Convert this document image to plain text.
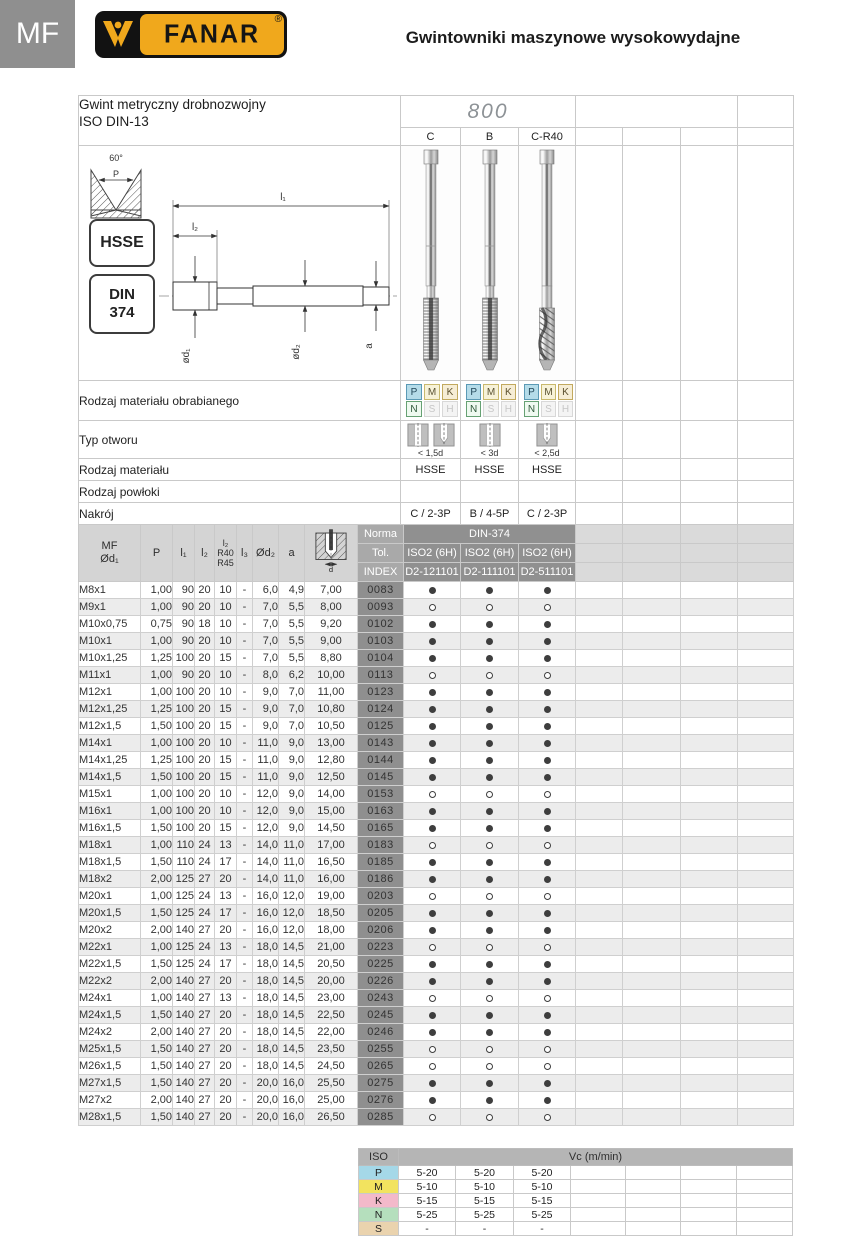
MF	FANAR ®
Gwintowniki maszynowe wysokowydajne
Gwint metryczny drobnozwojny
ISO DIN-13	800						
	C	B	C-R40				

60°
P
HSSE
DIN
374
l₁
l₂
ød₁	ød₂	a

Rodzaj materiału obrabianego	
P	M	K
N	S	H

P M K
N	S	H

P M K
N	S	H

Typ otworu	< 1,5d	< 3d	< 2,5d				

Rodzaj materiału	HSSE	HSSE	HSSE				
Rodzaj powłoki							
Nakrój	C / 2-3P	B / 4-5P	C / 2-3P				
MF
Ød₁
	P	l₁	l₂	
l₂
R40
R45
	l₃	Ød₂	a	
d
	Norma	DIN-374				
									Tol.	ISO2 (6H)	ISO2 (6H)	ISO2 (6H)				
									INDEX	D2-121101	D2-111101	D2-511101				
M8x1	1,00	90	20	10	-	6,0	4,9	7,00	0083							
M9x1	1,00	90	20	10	-	7,0	5,5	8,00	0093							
M10x0,75	0,75	90	18	10	-	7,0	5,5	9,20	0102							
M10x1	1,00	90	20	10	-	7,0	5,5	9,00	0103							
M10x1,25	1,25	100	20	15	-	7,0	5,5	8,80	0104							
M11x1	1,00	90	20	10	-	8,0	6,2	10,00	0113							
M12x1	1,00	100	20	10	-	9,0	7,0	11,00	0123							
M12x1,25	1,25	100	20	15	-	9,0	7,0	10,80	0124							
M12x1,5	1,50	100	20	15	-	9,0	7,0	10,50	0125							
M14x1	1,00	100	20	10	-	11,0	9,0	13,00	0143							
M14x1,25	1,25	100	20	15	-	11,0	9,0	12,80	0144							
M14x1,5	1,50	100	20	15	-	11,0	9,0	12,50	0145							
M15x1	1,00	100	20	10	-	12,0	9,0	14,00	0153							
M16x1	1,00	100	20	10	-	12,0	9,0	15,00	0163							
M16x1,5	1,50	100	20	15	-	12,0	9,0	14,50	0165							
M18x1	1,00	110	24	13	-	14,0	11,0	17,00	0183							
M18x1,5	1,50	110	24	17	-	14,0	11,0	16,50	0185							
M18x2	2,00	125	27	20	-	14,0	11,0	16,00	0186							
M20x1	1,00	125	24	13	-	16,0	12,0	19,00	0203							
M20x1,5	1,50	125	24	17	-	16,0	12,0	18,50	0205							
M20x2	2,00	140	27	20	-	16,0	12,0	18,00	0206							
M22x1	1,00	125	24	13	-	18,0	14,5	21,00	0223							
M22x1,5	1,50	125	24	17	-	18,0	14,5	20,50	0225							
M22x2	2,00	140	27	20	-	18,0	14,5	20,00	0226							
M24x1	1,00	140	27	13	-	18,0	14,5	23,00	0243							
M24x1,5	1,50	140	27	20	-	18,0	14,5	22,50	0245							
M24x2	2,00	140	27	20	-	18,0	14,5	22,00	0246							
M25x1,5	1,50	140	27	20	-	18,0	14,5	23,50	0255							
M26x1,5	1,50	140	27	20	-	18,0	14,5	24,50	0265							
M27x1,5	1,50	140	27	20	-	20,0	16,0	25,50	0275							
M27x2	2,00	140	27	20	-	20,0	16,0	25,00	0276							
M28x1,5	1,50	140	27	20	-	20,0	16,0	26,50	0285							
ISO	Vc (m/min)						
P	5-20	5-20	5-20				
M	5-10	5-10	5-10				
K	5-15	5-15	5-15				
N	5-25	5-25	5-25				
S	-	-	-				
